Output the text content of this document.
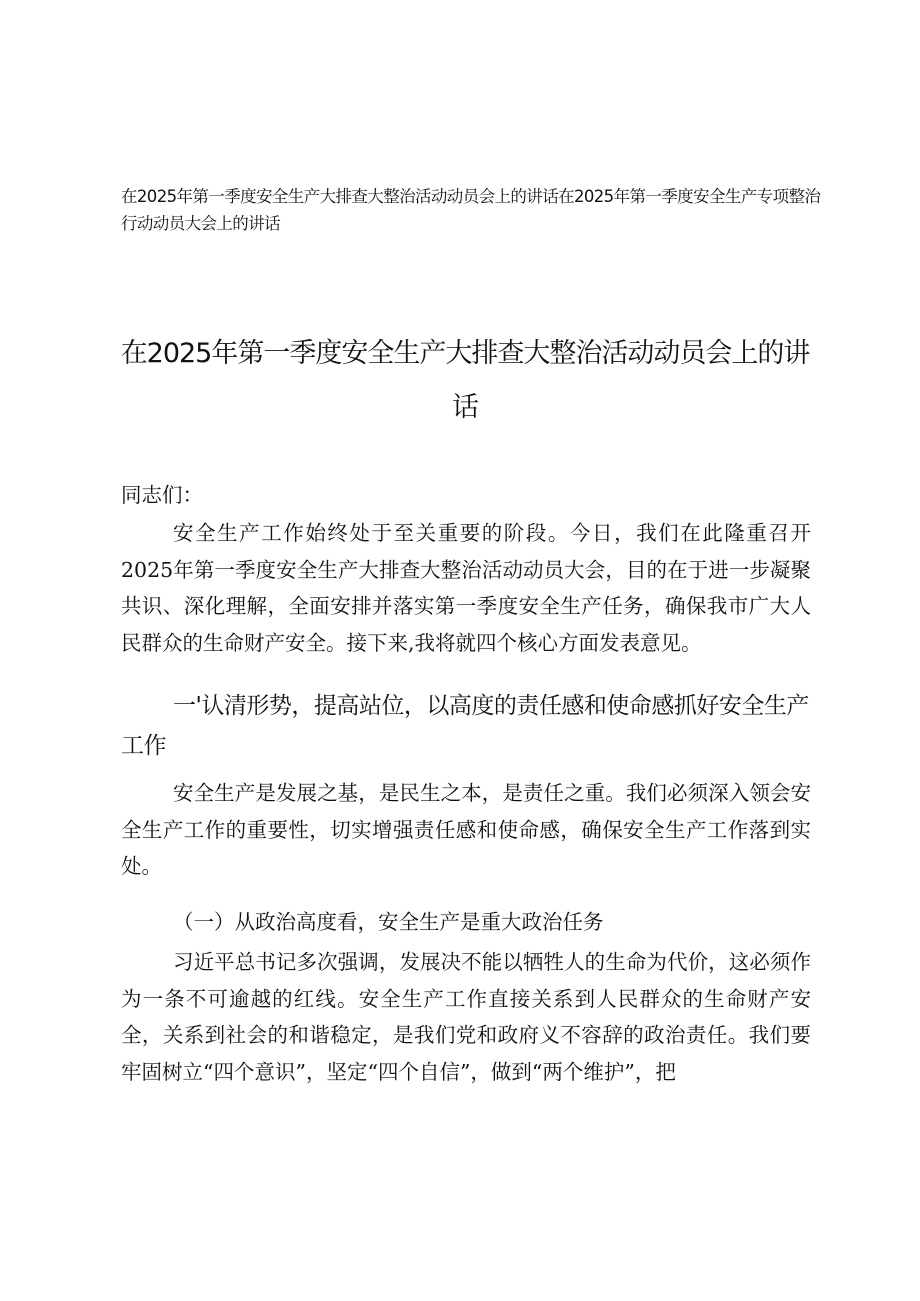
在2025年第一季度安全生产大排查大整治活动动员会上的讲话在2025年第一季度安全生产专项整治行动动员大会上的讲话
在2025年第一季度安全生产大排查大整治活动动员会上的讲话
同志们：
安全生产工作始终处于至关重要的阶段。今日，我们在此隆重召开2025年第一季度安全生产大排查大整治活动动员大会，目的在于进一步凝聚共识、深化理解，全面安排并落实第一季度安全生产任务，确保我市广大人民群众的生命财产安全。接下来,我将就四个核心方面发表意见。
一'认清形势，提高站位，以高度的责任感和使命感抓好安全生产工作
安全生产是发展之基，是民生之本，是责任之重。我们必须深入领会安全生产工作的重要性，切实增强责任感和使命感，确保安全生产工作落到实处。
（一）从政治高度看，安全生产是重大政治任务
习近平总书记多次强调，发展决不能以牺牲人的生命为代价，这必须作为一条不可逾越的红线。安全生产工作直接关系到人民群众的生命财产安全，关系到社会的和谐稳定，是我们党和政府义不容辞的政治责任。我们要牢固树立“四个意识”，坚定“四个自信”，做到“两个维护”，把
